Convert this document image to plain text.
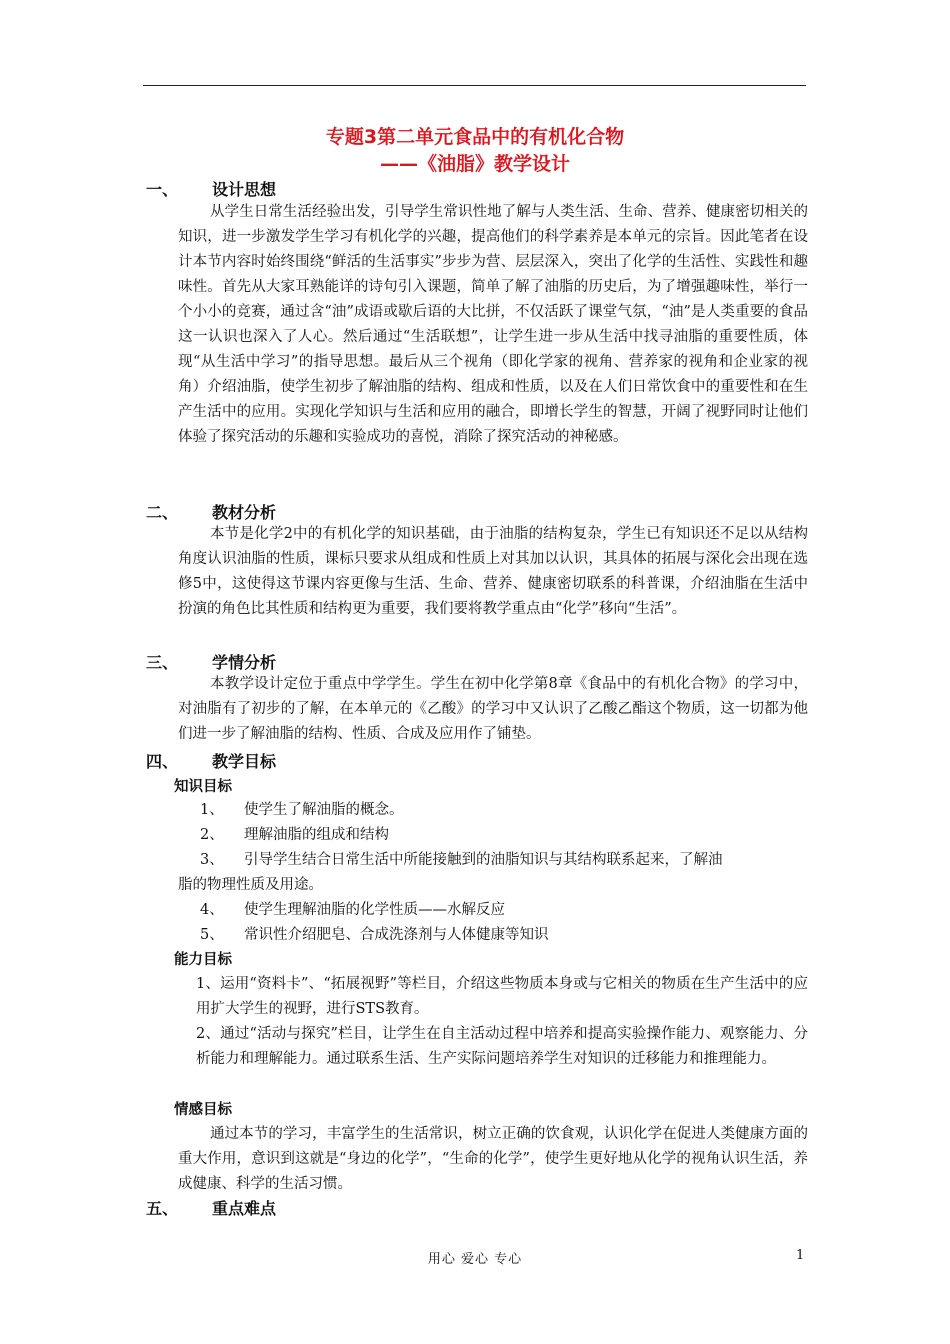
专题3第二单元食品中的有机化合物
——《油脂》教学设计
一、 设计思想
从学生日常生活经验出发，引导学生常识性地了解与人类生活、生命、营养、健康密切相关的知识，进一步激发学生学习有机化学的兴趣，提高他们的科学素养是本单元的宗旨。因此笔者在设计本节内容时始终围绕“鲜活的生活事实”步步为营、层层深入，突出了化学的生活性、实践性和趣味性。首先从大家耳熟能详的诗句引入课题，简单了解了油脂的历史后，为了增强趣味性，举行一个小小的竞赛，通过含“油”成语或歇后语的大比拼，不仅活跃了课堂气氛，“油”是人类重要的食品这一认识也深入了人心。然后通过“生活联想”，让学生进一步从生活中找寻油脂的重要性质，体现“从生活中学习”的指导思想。最后从三个视角（即化学家的视角、营养家的视角和企业家的视角）介绍油脂，使学生初步了解油脂的结构、组成和性质，以及在人们日常饮食中的重要性和在生产生活中的应用。实现化学知识与生活和应用的融合，即增长学生的智慧，开阔了视野同时让他们体验了探究活动的乐趣和实验成功的喜悦，消除了探究活动的神秘感。
二、 教材分析
本节是化学2中的有机化学的知识基础，由于油脂的结构复杂，学生已有知识还不足以从结构角度认识油脂的性质，课标只要求从组成和性质上对其加以认识，其具体的拓展与深化会出现在选修5中，这使得这节课内容更像与生活、生命、营养、健康密切联系的科普课，介绍油脂在生活中扮演的角色比其性质和结构更为重要，我们要将教学重点由“化学”移向“生活”。
三、 学情分析
本教学设计定位于重点中学学生。学生在初中化学第8章《食品中的有机化合物》的学习中，对油脂有了初步的了解，在本单元的《乙酸》的学习中又认识了乙酸乙酯这个物质，这一切都为他们进一步了解油脂的结构、性质、合成及应用作了铺垫。
四、 教学目标
知识目标
1、 使学生了解油脂的概念。
2、 理解油脂的组成和结构
3、 引导学生结合日常生活中所能接触到的油脂知识与其结构联系起来，了解油
脂的物理性质及用途。
4、 使学生理解油脂的化学性质——水解反应
5、 常识性介绍肥皂、合成洗涤剂与人体健康等知识
能力目标
1、运用“资料卡”、“拓展视野”等栏目，介绍这些物质本身或与它相关的物质在生产生活中的应用扩大学生的视野，进行STS教育。
2、通过“活动与探究”栏目，让学生在自主活动过程中培养和提高实验操作能力、观察能力、分析能力和理解能力。通过联系生活、生产实际问题培养学生对知识的迁移能力和推理能力。
情感目标
通过本节的学习，丰富学生的生活常识，树立正确的饮食观，认识化学在促进人类健康方面的重大作用，意识到这就是“身边的化学”，“生命的化学”，使学生更好地从化学的视角认识生活，养成健康、科学的生活习惯。
五、 重点难点
用心 爱心 专心	1
